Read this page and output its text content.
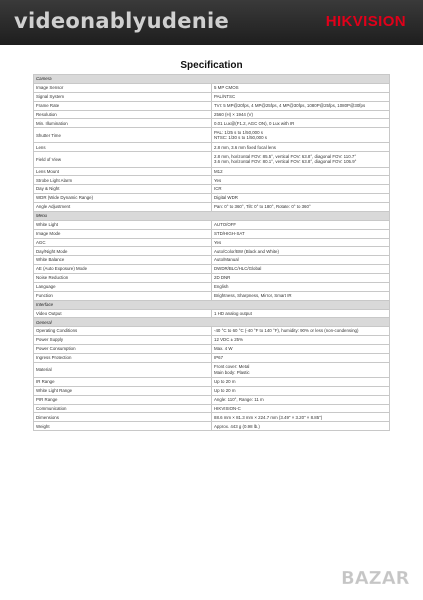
videonablyudenie	HIKVISION
Specification
Camera	
Image Sensor	5 MP CMOS

Signal System	PAL/NTSC

Frame Rate	TVI: 5 MP@20fps, 4 MP@25fps, 4 MP@30fps, 1080P@25fps, 1080P@30fps

Resolution	2560 (H) × 1944 (V)

Min. Illumination	0.01 Lux@(F1.2, AGC ON), 0 Lux with IR

Shutter Time	PAL: 1/25 s to 1/50,000 s
NTSC: 1/30 s to 1/50,000 s

Lens	2.8 mm, 3.6 mm fixed focal lens

Field of View	2.8 mm, horizontal FOV: 85.5°, vertical FOV: 63.8°, diagonal FOV: 110.7°
3.6 mm, horizontal FOV: 80.1°, vertical FOV: 63.8°, diagonal FOV: 105.9°

Lens Mount	M12

Strobe Light Alarm	Yes

Day & Night	ICR

WDR (Wide Dynamic Range)	Digital WDR

Angle Adjustment	Pan: 0° to 360°, Tilt: 0° to 180°, Rotate: 0° to 360°

Menu	
White Light	AUTO/OFF

Image Mode	STD/HIGH-SAT

AGC	Yes

Day/Night Mode	Auto/Color/BW (Black and White)

White Balance	Auto/Manual

AE (Auto Exposure) Mode	DWDR/BLC/HLC/Global

Noise Reduction	2D DNR

Language	English

Function	Brightness, Sharpness, Mirror, Smart IR

Interface	
Video Output	1 HD analog output

General	
Operating Conditions	-40 °C to 60 °C (-40 °F to 140 °F), humidity: 90% or less (non-condensing)

Power Supply	12 VDC ± 25%

Power Consumption	Max. 4 W

Ingress Protection	IP67

Material	Front cover: Metal
Main body: Plastic

IR Range	Up to 20 m

White Light Range	Up to 20 m

PIR Range	Angle: 110°, Range: 11 m

Communication	HIKVISION-C

Dimensions	88.6 mm × 81.3 mm × 224.7 mm (3.49" × 3.20" × 8.85")

Weight	Approx. 443 g (0.98 lb.)
BAZAR
